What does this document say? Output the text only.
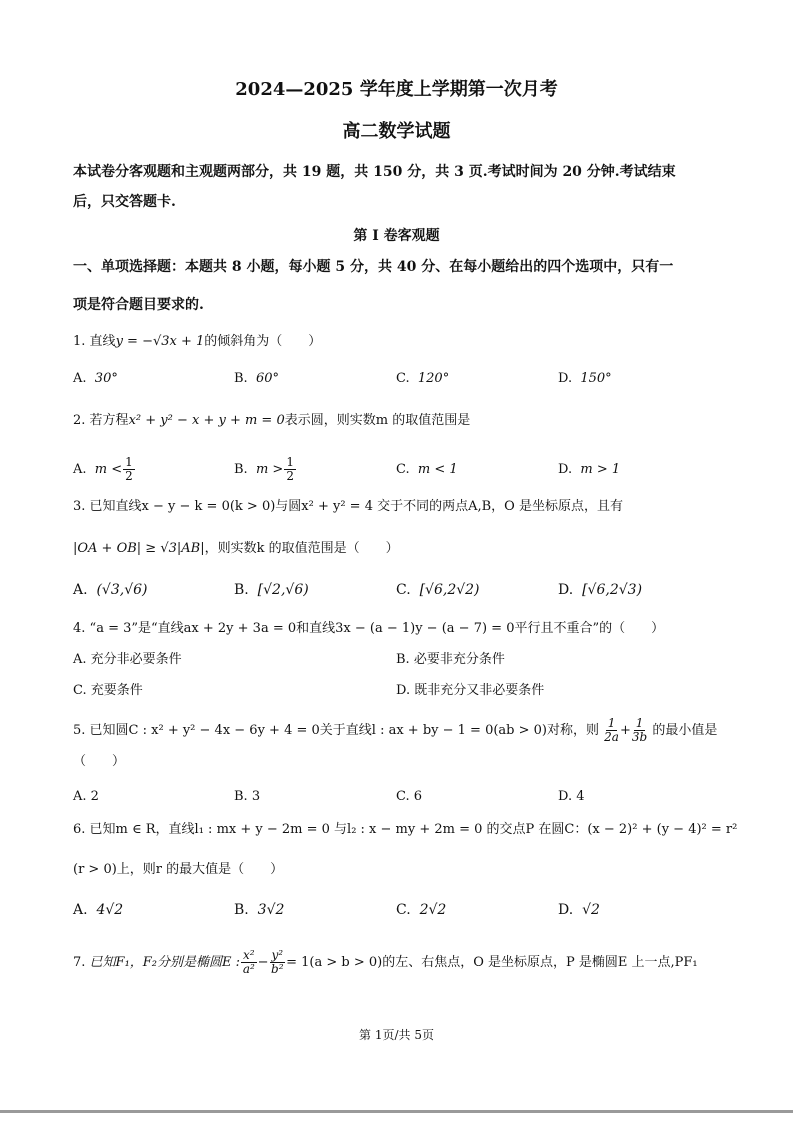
2024—2025 学年度上学期第一次月考
高二数学试题
本试卷分客观题和主观题两部分，共 19 题，共 150 分，共 3 页.考试时间为 20 分钟.考试结束
后，只交答题卡.
第 I 卷客观题
一、单项选择题：本题共 8 小题，每小题 5 分，共 40 分、在每小题给出的四个选项中，只有一
项是符合题目要求的.
1. 直线y = −√3x + 1的倾斜角为（　　）
A. 30°	B. 60°	C. 120°	D. 150°
2. 若方程x² + y² − x + y + m = 0表示圆，则实数m 的取值范围是
A. $m < \frac{1}{2}$	B. $m > \frac{1}{2}$	C. m < 1	D. m > 1
3. 已知直线x − y − k = 0(k > 0)与圆x² + y² = 4 交于不同的两点A,B，O 是坐标原点，且有
|OA + OB| ≥ √3|AB|，则实数k 的取值范围是（　　）
A. (√3,√6)	B. [√2,√6)	C. [√6,2√2)	D. [√6,2√3)
4. “a = 3”是“直线ax + 2y + 3a = 0和直线3x − (a − 1)y − (a − 7) = 0平行且不重合”的（　　）
A. 充分非必要条件	B. 必要非充分条件
C. 充要条件	D. 既非充分又非必要条件
5. 已知圆C : x² + y² − 4x − 6y + 4 = 0关于直线l : ax + by − 1 = 0(ab > 0)对称，则 $\frac{1}{2a} + \frac{1}{3b}$ 的最小值是
（　　）
A. 2	B. 3	C. 6	D. 4
6. 已知m ∈ R，直线l₁ : mx + y − 2m = 0 与l₂ : x − my + 2m = 0 的交点P 在圆C：(x − 2)² + (y − 4)² = r²
(r > 0)上，则r 的最大值是（　　）
A. 4√2	B. 3√2	C. 2√2	D. √2
7. 已知F₁，F₂分别是椭圆E : $\frac{\text{x²}}{\text{a²}} - \frac{\text{y²}}{\text{b²}} = 1(a > b > 0)$的左、右焦点，O 是坐标原点，P 是椭圆E 上一点,PF₁
第 1页/共 5页
